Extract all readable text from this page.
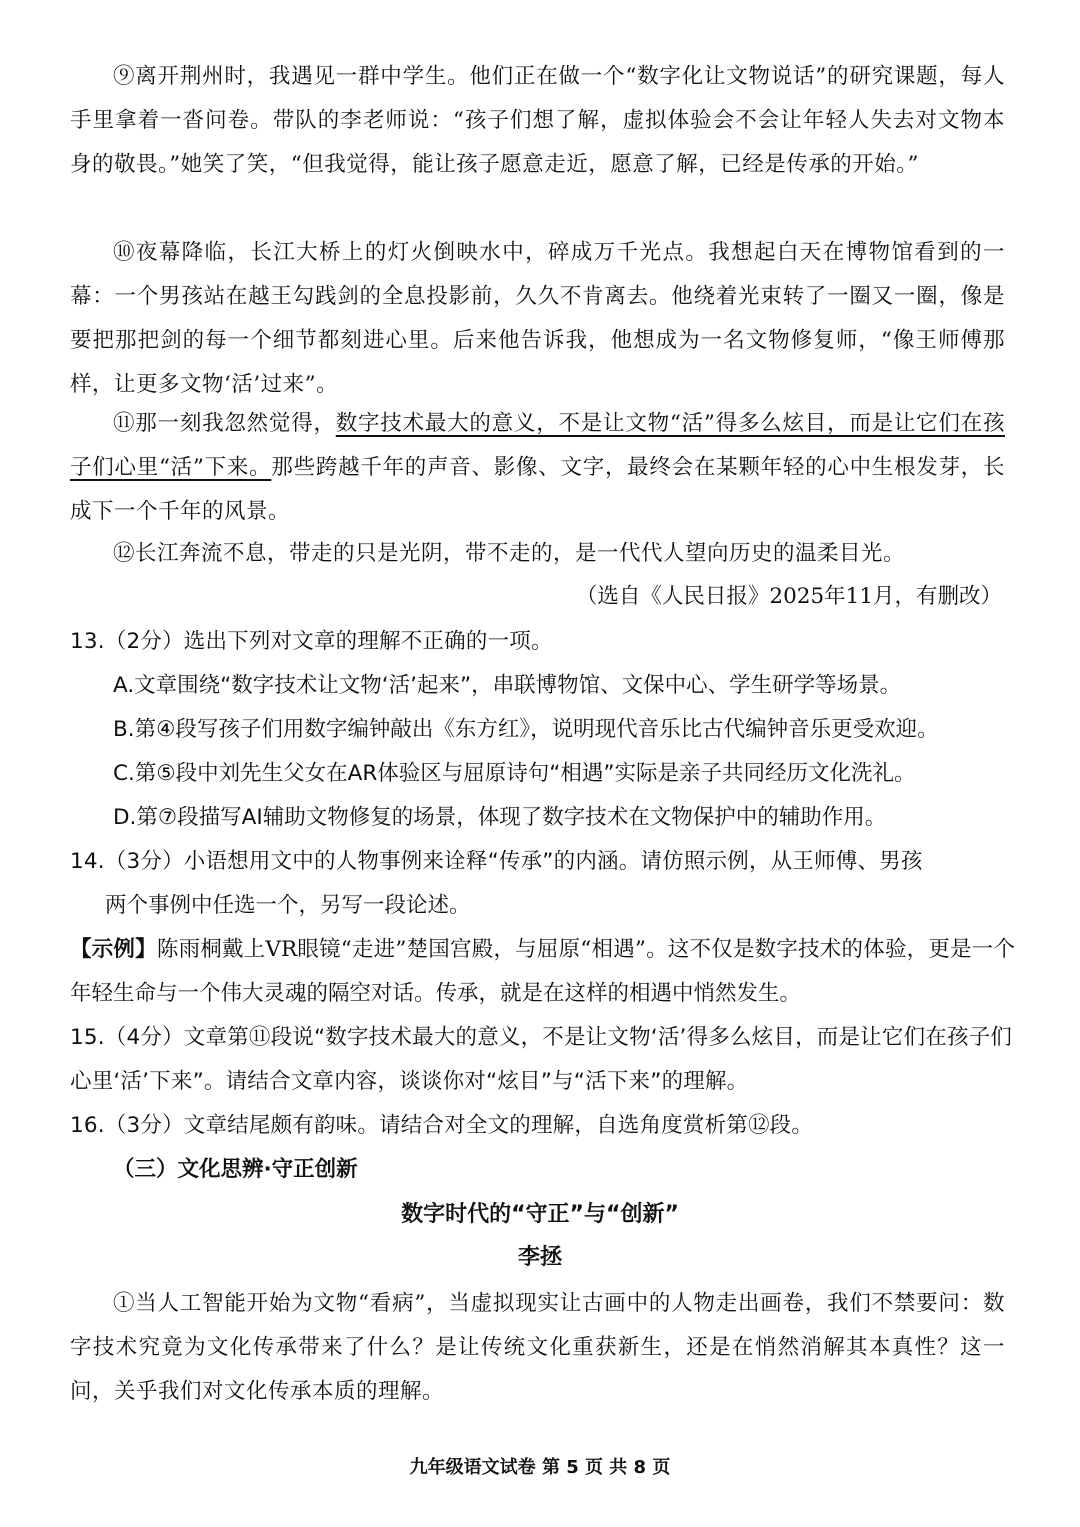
⑨离开荆州时，我遇见一群中学生。他们正在做一个“数字化让文物说话”的研究课题，每人手里拿着一沓问卷。带队的李老师说：“孩子们想了解，虚拟体验会不会让年轻人失去对文物本身的敬畏。”她笑了笑，“但我觉得，能让孩子愿意走近，愿意了解，已经是传承的开始。”
⑩夜幕降临，长江大桥上的灯火倒映水中，碎成万千光点。我想起白天在博物馆看到的一幕：一个男孩站在越王勾践剑的全息投影前，久久不肯离去。他绕着光束转了一圈又一圈，像是要把那把剑的每一个细节都刻进心里。后来他告诉我，他想成为一名文物修复师，“像王师傅那样，让更多文物‘活’过来”。
⑪那一刻我忽然觉得，数字技术最大的意义，不是让文物“活”得多么炫目，而是让它们在孩子们心里“活”下来。那些跨越千年的声音、影像、文字，最终会在某颗年轻的心中生根发芽，长成下一个千年的风景。
⑫长江奔流不息，带走的只是光阴，带不走的，是一代代人望向历史的温柔目光。
（选自《人民日报》2025年11月，有删改）
13.（2分）选出下列对文章的理解不正确的一项。
A.文章围绕“数字技术让文物‘活’起来”，串联博物馆、文保中心、学生研学等场景。
B.第④段写孩子们用数字编钟敲出《东方红》，说明现代音乐比古代编钟音乐更受欢迎。
C.第⑤段中刘先生父女在AR体验区与屈原诗句“相遇”实际是亲子共同经历文化洗礼。
D.第⑦段描写AI辅助文物修复的场景，体现了数字技术在文物保护中的辅助作用。
14.（3分）小语想用文中的人物事例来诠释“传承”的内涵。请仿照示例，从王师傅、男孩
两个事例中任选一个，另写一段论述。
【示例】陈雨桐戴上VR眼镜“走进”楚国宫殿，与屈原“相遇”。这不仅是数字技术的体验，更是一个年轻生命与一个伟大灵魂的隔空对话。传承，就是在这样的相遇中悄然发生。
15.（4分）文章第⑪段说“数字技术最大的意义，不是让文物‘活’得多么炫目，而是让它们在孩子们心里‘活’下来”。请结合文章内容，谈谈你对“炫目”与“活下来”的理解。
16.（3分）文章结尾颇有韵味。请结合对全文的理解，自选角度赏析第⑫段。
（三）文化思辨·守正创新
数字时代的“守正”与“创新”
李拯
①当人工智能开始为文物“看病”，当虚拟现实让古画中的人物走出画卷，我们不禁要问：数字技术究竟为文化传承带来了什么？是让传统文化重获新生，还是在悄然消解其本真性？这一问，关乎我们对文化传承本质的理解。
九年级语文试卷 第 5 页 共 8 页
